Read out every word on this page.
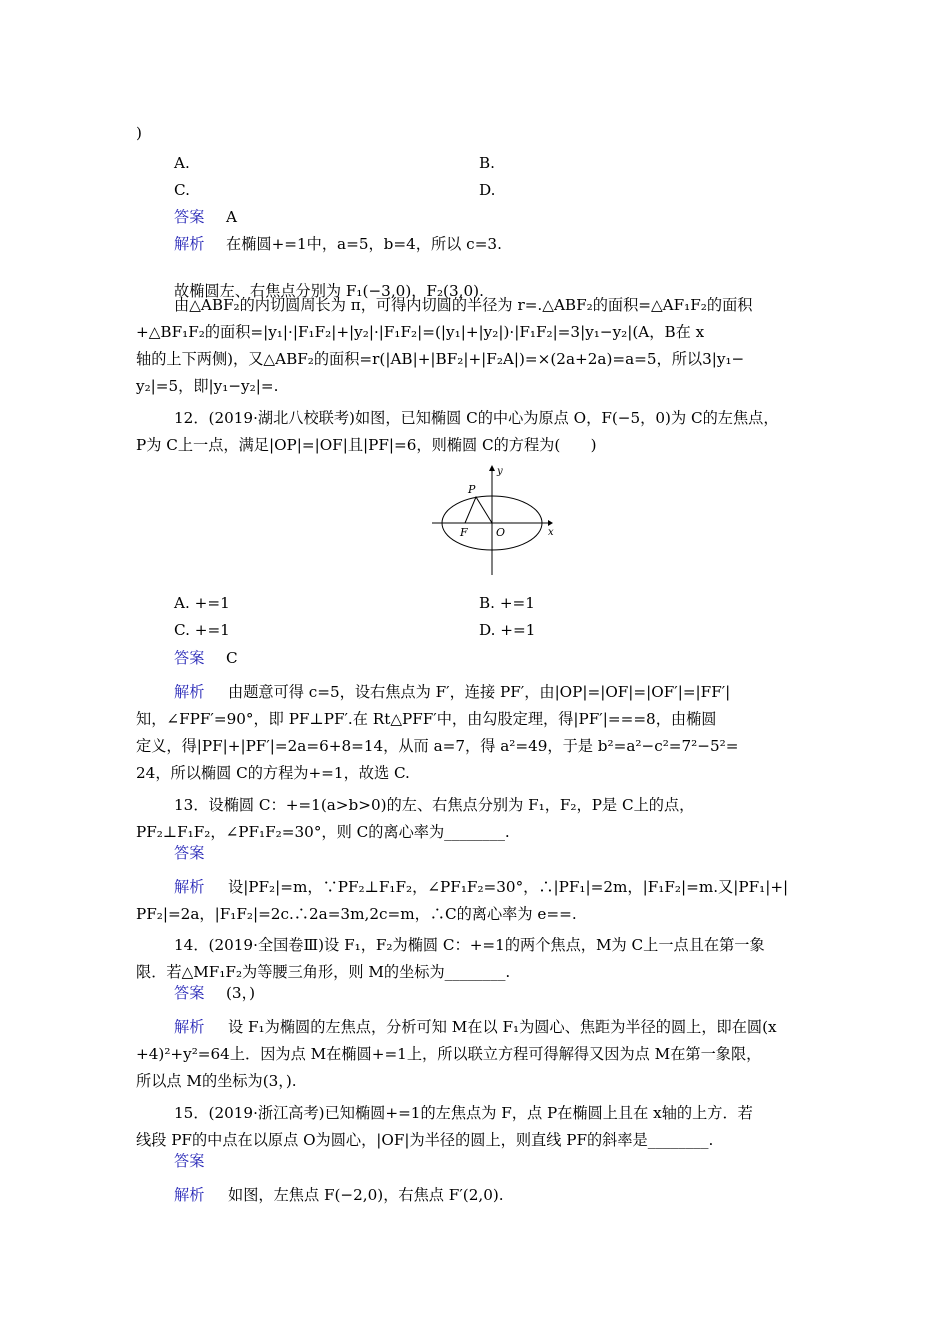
P
F	O	x
y
)
故椭圆左、右焦点分别为 F₁(−3,0)，F₂(3,0).
由△ABF₂的内切圆周长为 π，可得内切圆的半径为 r=.△ABF₂的面积=△AF₁F₂的面积
+△BF₁F₂的面积=|y₁|·|F₁F₂|+|y₂|·|F₁F₂|=(|y₁|+|y₂|)·|F₁F₂|=3|y₁−y₂|(A，B在 x
轴的上下两侧)，又△ABF₂的面积=r(|AB|+|BF₂|+|F₂A|)=×(2a+2a)=a=5，所以3|y₁−
y₂|=5，即|y₁−y₂|=.
12．(2019·湖北八校联考)如图，已知椭圆 C的中心为原点 O，F(−5，0)为 C的左焦点，
P为 C上一点，满足|OP|=|OF|且|PF|=6，则椭圆 C的方程为(　　)
由题意可得 c=5，设右焦点为 F′，连接 PF′，由|OP|=|OF|=|OF′|=|FF′|
知，∠FPF′=90°，即 PF⊥PF′.在 Rt△PFF′中，由勾股定理，得|PF′|===8，由椭圆
定义，得|PF|+|PF′|=2a=6+8=14，从而 a=7，得 a²=49，于是 b²=a²−c²=7²−5²=
24，所以椭圆 C的方程为+=1，故选 C.
13．设椭圆 C：+=1(a>b>0)的左、右焦点分别为 F₁，F₂，P是 C上的点，
PF₂⊥F₁F₂，∠PF₁F₂=30°，则 C的离心率为________.
设|PF₂|=m，∵PF₂⊥F₁F₂，∠PF₁F₂=30°，∴|PF₁|=2m，|F₁F₂|=m.又|PF₁|+|
PF₂|=2a，|F₁F₂|=2c.∴2a=3m,2c=m，∴C的离心率为 e==.
14．(2019·全国卷Ⅲ)设 F₁，F₂为椭圆 C：+=1的两个焦点，M为 C上一点且在第一象
限．若△MF₁F₂为等腰三角形，则 M的坐标为________.
设 F₁为椭圆的左焦点，分析可知 M在以 F₁为圆心、焦距为半径的圆上，即在圆(x
+4)²+y²=64上．因为点 M在椭圆+=1上，所以联立方程可得解得又因为点 M在第一象限，
所以点 M的坐标为(3，).
15．(2019·浙江高考)已知椭圆+=1的左焦点为 F，点 P在椭圆上且在 x轴的上方．若
线段 PF的中点在以原点 O为圆心，|OF|为半径的圆上，则直线 PF的斜率是________.
如图，左焦点 F(−2,0)，右焦点 F′(2,0).
A.	B.
C.	D.
A. +=1	B. +=1
C. +=1	D. +=1
答案 A
答案 C
答案
答案 (3，)
答案
解析 在椭圆+=1中，a=5，b=4，所以 c=3.
解析
解析
解析
解析
